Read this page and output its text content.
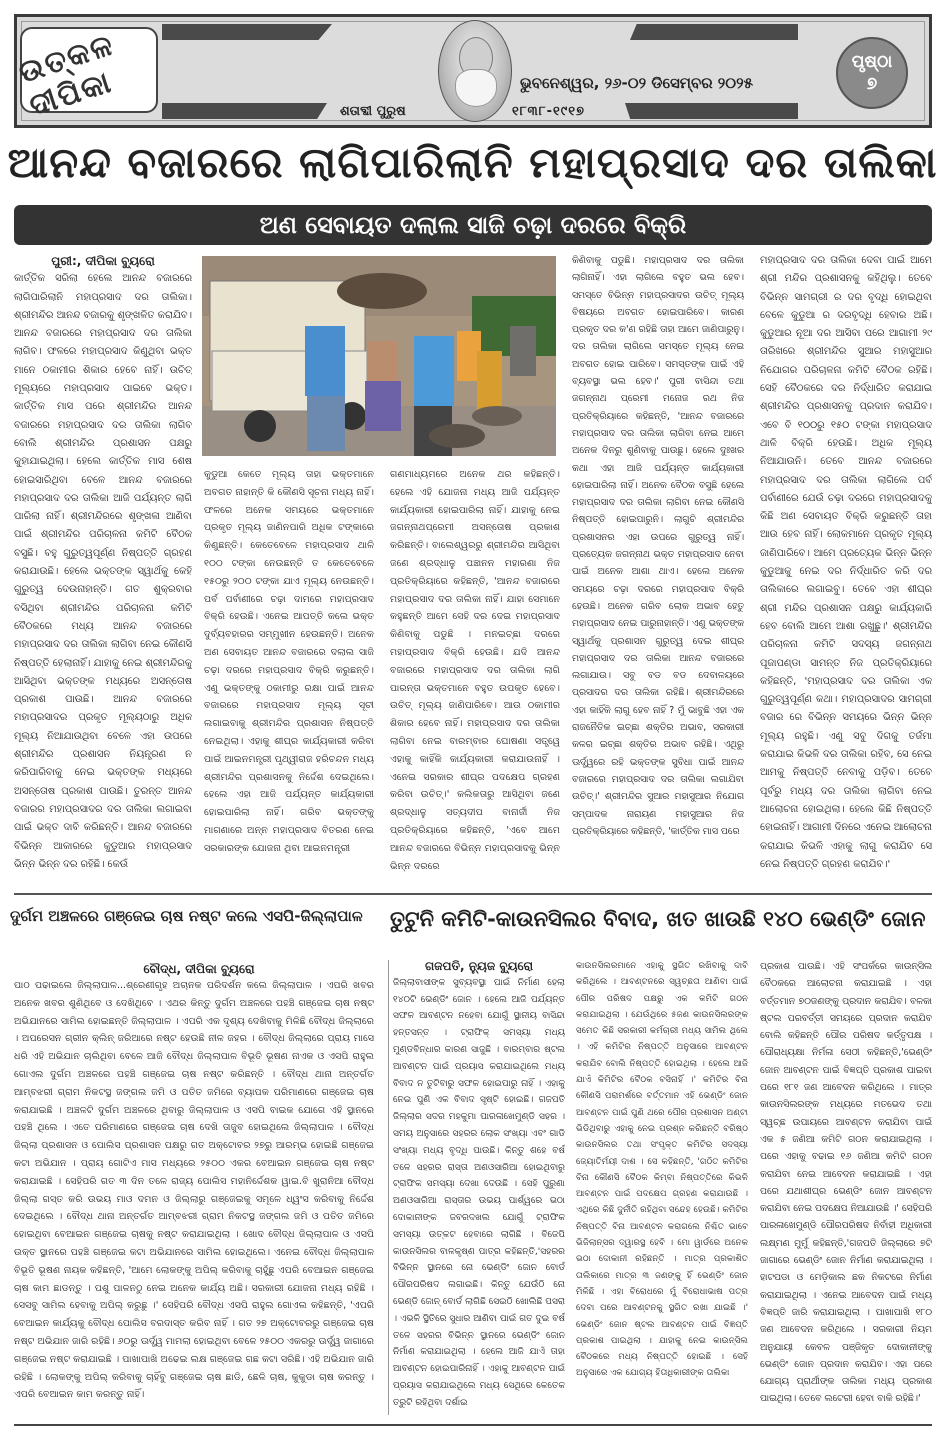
ଉତ୍କଳ ଦୀପିକା	ଶତାବ୍ଦୀ ପୁରୁଷ	୧୮୩୮-୧୯୧୭
ଭୁବନେଶ୍ୱର, ୨୬-୦୨ ଡିସେମ୍ବର ୨୦୨୫
ପୃଷ୍ଠା
୭
ଆନନ୍ଦ ବଜାରରେ ଲାଗିପାରିଲାନି ମହାପ୍ରସାଦ ଦର ତାଲିକା
ଅଣ ସେବାୟତ ଦଲାଲ ସାଜି ଚଢ଼ା ଦରରେ ବିକ୍ରି
ପୁରୀ:, ଦୀପିକା ବ୍ୟୁରୋ

କାର୍ତ୍ତିକ ସରିଲା ହେଲେ ଆନନ୍ଦ ବଜାରରେ ଲାଗିପାରିଲାନି ମହାପ୍ରସାଦ ଦର ତାଲିକା। ଶ୍ରୀମନ୍ଦିର ଆନନ୍ଦ ବଜାରକୁ ଶୃଙ୍ଖଳିତ କରାଯିବ। ଆନନ୍ଦ ବଜାରରେ ମହାପ୍ରସାଦ ଦର ତାଲିକା ଲାଗିବ। ଫଳରେ ମହାପ୍ରସାଦ କିଣୁଥିବା ଭକ୍ତ ମାନେ ଠକାମୀର ଶିକାର ହେବେ ନାହିଁ। ଉଚିତ୍ ମୂଲ୍ୟରେ ମହାପ୍ରସାଦ ପାଇବେ ଭକ୍ତ। କାର୍ତ୍ତିକ ମାସ ପରେ ଶ୍ରୀମନ୍ଦିର ଆନନ୍ଦ ବଜାରରେ ମହାପ୍ରସାଦ ଦର ତାଲିକା ଲାଗିବ ବୋଲି ଶ୍ରୀମନ୍ଦିର ପ୍ରଶାସନ ପକ୍ଷରୁ କୁହାଯାଇଥିଲା। ହେଲେ କାର୍ତ୍ତିକ ମାସ ଶେଷ ହୋଇସାରିଥିବା ବେଳେ ଆନନ୍ଦ ବଜାରରେ ମହାପ୍ରସାଦ ଦର ତାଲିକା ଆଜି ପର୍ଯ୍ୟନ୍ତ ଲାଗି ପାରିଲା ନାହିଁ। ଶ୍ରୀମନ୍ଦିରରେ ଶୃଙ୍ଖଳା ଆଣିବା ପାଇଁ ଶ୍ରୀମନ୍ଦିର ପରିଚାଳନା କମିଟି ବୈଠକ ବସୁଛି। ବହୁ ଗୁରୁତ୍ୱପୂର୍ଣ୍ଣ ନିଷ୍ପତ୍ତି ଗ୍ରହଣ କରାଯାଉଛି। ହେଲେ ଭକ୍ତଙ୍କ ସ୍ୱାର୍ଥକୁ କେହି ଗୁରୁତ୍ୱ ଦେଉନାହାନ୍ତି। ଗତ ଶୁକ୍ରବାର ବସିଥିବା ଶ୍ରୀମନ୍ଦିର ପରିଚାଳନା କମିଟି ବୈଠକରେ ମଧ୍ୟ ଆନନ୍ଦ ବଜାରରେ ମହାପ୍ରସାଦ ଦର ତାଲିକା ଲାଗିବା ନେଇ କୌଣସି ନିଷ୍ପତ୍ତି ହେଲାନାହିଁ। ଯାହାକୁ ନେଇ ଶ୍ରୀମନ୍ଦିରକୁ ଆସିଥିବା ଭକ୍ତଙ୍କ ମଧ୍ୟରେ ଅସନ୍ତୋଷ ପ୍ରକାଶ ପାଉଛି। ଆନନ୍ଦ ବଜାରରେ ମହାପ୍ରସାଦର ପ୍ରକୃତ ମୂଲ୍ୟଠାରୁ ଅଧିକ ମୂଲ୍ୟ ନିଆଯାଉଥିବା ବେଳେ ଏହା ଉପରେ ଶ୍ରୀମନ୍ଦିର ପ୍ରଶାସନ ନିୟନ୍ତ୍ରଣ ନ କରିପାରିବାକୁ ନେଇ ଭକ୍ତଙ୍କ ମଧ୍ୟରେ ଅସନ୍ତୋଷ ପ୍ରକାଶ ପାଉଛି। ତୁରନ୍ତ ଆନନ୍ଦ ବଜାରର ମହାପ୍ରସାଦର ଦର ତାଲିକା ଲଗାଇବା ପାଇଁ ଭକ୍ତ ଦାବି କରିଛନ୍ତି। ଆନନ୍ଦ ବଜାରରେ ବିଭିନ୍ନ ଆକାରରେ କୁଡୁଆର ମହାପ୍ରସାଦ ଭିନ୍ନ ଭିନ୍ନ ଦର ରହିଛି। କେଉଁ

କୁଡୁଆ କେତେ ମୂଲ୍ୟ ତାହା ଭକ୍ତମାନେ ଅବଗତ ନାହାନ୍ତି କି କୌଣସି ସୂଚନା ମଧ୍ୟ ନାହିଁ। ଫଳରେ ଅନେକ ସମୟରେ ଭକ୍ତମାନେ ପ୍ରକୃତ ମୂଲ୍ୟ ଜାଣିନପାରି ଅଧିକ ଟଙ୍କାରେ କିଣୁଛନ୍ତି। କେତେବେଳେ ମହାପ୍ରସାଦ ଥାଳି ୧୦୦ ଟଙ୍କା ନେଉଛନ୍ତି ତ କେତେବେଳେ ୧୫୦ରୁ ୨୦୦ ଟଙ୍କା ଯାଏ ମୂଲ୍ୟ ନେଉଛନ୍ତି। ପର୍ବ ପର୍ବାଣୀରେ ଚଢ଼ା ଦାମରେ ମହାପ୍ରସାଦ ବିକ୍ରି ହେଉଛି। ଏନେଇ ଆପତ୍ତି କଲେ ଭକ୍ତ ଦୁର୍ବ୍ୟବହାରର ସମ୍ମୁଖୀନ ହେଉଛନ୍ତି। ଅନେକ ଅଣ ସେବାୟତ ଆନନ୍ଦ ବଜାରରେ ଦଲାଲ ସାଜି ଚଢ଼ା ଦରରେ ମହାପ୍ରସାଦ ବିକ୍ରି କରୁଛନ୍ତି। ଏଣୁ ଭକ୍ତଙ୍କୁ ଠକାମୀରୁ ରକ୍ଷା ପାଇଁ ଆନନ୍ଦ ବଜାରରେ ମହାପ୍ରସାଦ ମୂଲ୍ୟ ସୂଚୀ ଲଗାଇବାକୁ ଶ୍ରୀମନ୍ଦିର ପ୍ରଶାସନ ନିଷ୍ପତ୍ତି ନେଇଥିଲା। ଏହାକୁ ଶୀଘ୍ର କାର୍ଯ୍ୟକାରୀ କରିବା ପାଇଁ ଆଇନମନ୍ତ୍ରୀ ପୃଥ୍ୱୀରାଜ ହରିଚନ୍ଦନ ମଧ୍ୟ ଶ୍ରୀମନ୍ଦିର ପ୍ରଶାସନକୁ ନିର୍ଦ୍ଦେଶ ଦେଇଥିଲେ। ହେଲେ ଏହା ଆଜି ପର୍ଯ୍ୟନ୍ତ କାର୍ଯ୍ୟକାରୀ ହୋଇପାରିଲା ନାହିଁ। ଗରିବ ଭକ୍ତଙ୍କୁ ମାଗଣାରେ ଅନ୍ନ ମହାପ୍ରସାଦ ବିତରଣ ନେଇ ସରକାରଙ୍କ ଯୋଜନା ଥିବା ଆଇନମନ୍ତ୍ରୀ

ଗଣମାଧ୍ୟମରେ ଅନେକ ଥର କହିଛନ୍ତି। ହେଲେ ଏହି ଯୋଜନା ମଧ୍ୟ ଆଜି ପର୍ଯ୍ୟନ୍ତ କାର୍ଯ୍ୟକାରୀ ହୋଇପାରିଲା ନାହିଁ। ଯାହାକୁ ନେଇ ଜଗନ୍ନାଥପ୍ରେମୀ ଅସନ୍ତୋଷ ପ୍ରକାଶ କରିଛନ୍ତି। ବାଲେଶ୍ୱରରୁ ଶ୍ରୀମନ୍ଦିର ଆସିଥିବା ଜଣେ ଶ୍ରଦ୍ଧାଳୁ ପଞ୍ଚାନନ ମହାରଣା ନିଜ ପ୍ରତିକ୍ରିୟାରେ କହିଛନ୍ତି, 'ଆନନ୍ଦ ବଜାରରେ ମହାପ୍ରସାଦ ଦର ତାଲିକା ନାହିଁ। ଯାହା ସେମାନେ କହୁଛନ୍ତି ଆମେ ସେହି ଦର ଦେଇ ମହାପ୍ରସାଦ କିଣିବାକୁ ପଡୁଛି । ମନଇଚ୍ଛା ଦରରେ ମହାପ୍ରସାଦ ବିକ୍ରି ହେଉଛି। ଯଦି ଆନନ୍ଦ ବଜାରରେ ମହାପ୍ରସାଦ ଦର ତାଲିକା ଲାଗି ପାରନ୍ତା ଭକ୍ତମାନେ ବହୁତ ଉପକୃତ ହେବେ। ଉଚିତ୍ ମୂଲ୍ୟ ଜାଣିପାରିବେ। ଆଉ ଠକାମୀର ଶିକାର ହେବେ ନାହିଁ। ମହାପ୍ରସାଦ ଦର ତାଲିକା ଲାଗିବା ନେଇ ବାରମ୍ବାର ଘୋଷଣା ସତ୍ତ୍ୱେ ଏହାକୁ କାହିଁକି କାର୍ଯ୍ୟକାରୀ କରାଯାଉନାହିଁ । ଏନେଇ ସରକାର ଶୀଘ୍ର ପଦକ୍ଷେପ ଗ୍ରହଣ କରିବା ଉଚିତ୍।' କଲିକତାରୁ ଆସିଥିବା ଜଣେ ଶ୍ରଦ୍ଧାଳୁ ସତ୍ୟଦୀପ ବାନାର୍ଜୀ ନିଜ ପ୍ରତିକ୍ରିୟାରେ କହିଛନ୍ତି, 'ଏବେ ଆମେ ଆନନ୍ଦ ବଜାରରେ ବିଭିନ୍ନ ମହାପ୍ରସାଦକୁ ଭିନ୍ନ ଭିନ୍ନ ଦରରେ

କିଣିବାକୁ ପଡୁଛି। ମହାପ୍ରସାଦ ଦର ତାଲିକା ଲାଗିନାହିଁ। ଏହା ଲାଗିଲେ ବହୁତ ଭଲ ହେବ। ସମସ୍ତେ ବିଭିନ୍ନ ମହାପ୍ରସାଦର ଉଚିତ୍ ମୂଲ୍ୟ ବିଷୟରେ ଅବଗତ ହୋଇପାରିବେ। କାରଣ ପ୍ରକୃତ ଦର କ'ଣ ରହିଛି ତାହା ଆମେ ଜାଣିପାରୁନୁ। ଦର ତାଲିକା ଲାଗିଲେ ସମସ୍ତେ ମୂଲ୍ୟ ନେଇ ଅବଗତ ହୋଇ ପାରିବେ। ସମସ୍ତଙ୍କ ପାଇଁ ଏହି ବ୍ୟବସ୍ଥା ଭଲ ହେବ।' ପୁରୀ ବାସିନ୍ଦା ତଥା ଜଗନ୍ନାଥ ପ୍ରେମୀ ମନୋଜ ରଥ ନିଜ ପ୍ରତିକ୍ରିୟାରେ କହିଛନ୍ତି, 'ଆନନ୍ଦ ବଜାରରେ ମହାପ୍ରସାଦ ଦର ତାଲିକା ଲାଗିବା ନେଇ ଆମେ ଅନେକ ଦିନରୁ ଶୁଣିବାକୁ ପାଉଛୁ। ହେଲେ ଦୁଃଖର କଥା ଏହା ଆଜି ପର୍ଯ୍ୟନ୍ତ କାର୍ଯ୍ୟକାରୀ ହୋଇପାରିଲା ନାହିଁ। ଅନେକ ବୈଠକ ବସୁଛି ହେଲେ ମହାପ୍ରସାଦ ଦର ତାଲିକା ଲାଗିବା ନେଇ କୌଣସି ନିଷ୍ପତ୍ତି ହୋଇପାରୁନି। ଲାଗୁଚି ଶ୍ରୀମନ୍ଦିର ପ୍ରଶାସନର ଏହା ଉପରେ ଗୁରୁତ୍ୱ ନାହିଁ। ପ୍ରତ୍ୟେକ ଜଗନ୍ନାଥ ଭକ୍ତ ମହାପ୍ରସାଦ ନେବା ପାଇଁ ଅନେକ ଆଶା ଥାଏ। ହେଲେ ଅନେକ ସମୟରେ ଚଢ଼ା ଦରରେ ମହାପ୍ରସାଦ ବିକ୍ରି ହେଉଛି। ଅନେକ ଗରିବ ଲୋକ ଅଭାବ ହେତୁ ମହାପ୍ରସାଦ ନେଇ ପାରୁନାହାନ୍ତି। ଏଣୁ ଭକ୍ତଙ୍କ ସ୍ୱାର୍ଥକୁ ପ୍ରଶାସନ ଗୁରୁତ୍ୱ ଦେଇ ଶୀଘ୍ର ମହାପ୍ରସାଦ ଦର ତାଲିକା ଆନନ୍ଦ ବଜାରରେ ଲଗାଯାଉ। ସବୁ ବଡ ବଡ ଦେବାଳୟରେ ପ୍ରସାଦର ଦର ତାଲିକା ରହିଛି। ଶ୍ରୀମନ୍ଦିରରେ ଏହା କାହିଁକି ଲାଗୁ ହେବ ନାହିଁ ? ମୁଁ ଭାବୁଛି ଏହା ଏକ ରାଜନୈତିକ ଇଚ୍ଛା ଶକ୍ତିର ଅଭାବ, ସରକାରୀ କଳର ଇଚ୍ଛା ଶକ୍ତିର ଅଭାବ ରହିଛି। ଏଥିରୁ ଊର୍ଦ୍ଧ୍ୱରେ ରହି ଭକ୍ତଙ୍କ ସୁବିଧା ପାଇଁ ଆନନ୍ଦ ବଜାରରେ ମହାପ୍ରସାଦ ଦର ତାଲିକା ଲଗାଯିବା ଉଚିତ୍।' ଶ୍ରୀମନ୍ଦିର ସୁଆର ମହାସୁଆର ନିଯୋଗ ସମ୍ପାଦକ ନାରାୟଣ ମହାସୁଆର ନିଜ ପ୍ରତିକ୍ରିୟାରେ କହିଛନ୍ତି, 'କାର୍ତ୍ତିକ ମାସ ପରେ

ମହାପ୍ରସାଦ ଦର ତାଲିକା ଦେବା ପାଇଁ ଆମେ ଶ୍ରୀ ମନ୍ଦିର ପ୍ରଶାସନକୁ କହିଥିଲୁ। ତେବେ ବିଭିନ୍ନ ସାମଗ୍ରୀ ର ଦର ବୃଦ୍ଧି ହୋଇଥିବା ବେଳେ କୁଡୁଆ ର ଦରବୃଦ୍ଧି ହେବାର ଅଛି। କୁଡୁଆର ନୂଆ ଦର ଆସିବା ପରେ ଆଗାମୀ ୨୯ ତାରିଖରେ ଶ୍ରୀମନ୍ଦିର ସୁଆର ମହାସୁଆର ନିଯୋଗର ପରିଚାଳନା କମିଟି ବୈଠକ ରହିଛି। ସେହି ବୈଠକରେ ଦର ନିର୍ଦ୍ଧାରିତ କରାଯାଇ ଶ୍ରୀମନ୍ଦିର ପ୍ରଶାସନକୁ ପ୍ରଦାନ କରାଯିବ। ଏବେ ବି ୧୦୦ରୁ ୧୫୦ ଟଙ୍କା ମହାପ୍ରସାଦ ଥାଳି ବିକ୍ରି ହେଉଛି। ଅଧିକ ମୂଲ୍ୟ ନିଆଯାଉନି। ତେବେ ଆନନ୍ଦ ବଜାରରେ ମହାପ୍ରସାଦ ଦର ତାଲିକା ଲାଗିଲେ ପର୍ବ ପର୍ବାଣୀରେ ଯେଉଁ ଚଢ଼ା ଦରରେ ମହାପ୍ରସାଦକୁ କିଛି ଅଣ ସେବାୟତ ବିକ୍ରି କରୁଛନ୍ତି ତାହା ଆଉ ହେବ ନାହିଁ। ଲୋକମାନେ ପ୍ରକୃତ ମୂଲ୍ୟ ଜାଣିପାରିବେ। ଆମେ ପ୍ରତ୍ୟେକ ଭିନ୍ନ ଭିନ୍ନ କୁଡୁଆକୁ ନେଇ ଦର ନିର୍ଦ୍ଧାରିତ କରି ଦର ତାଲିକାରେ ଲଗାଇବୁ। ତେବେ ଏହା ଶୀଘ୍ର ଶ୍ରୀ ମନ୍ଦିର ପ୍ରଶାସନ ପକ୍ଷରୁ କାର୍ଯ୍ୟକାରି ହେବ ବୋଲି ଆମେ ଆଶା ରଖୁଛୁ।' ଶ୍ରୀମନ୍ଦିର ପରିଚାଳନା କମିଟି ସଦସ୍ୟ ଜଗନ୍ନାଥ ପୂଜାପଣ୍ଡା ସାମନ୍ତ ନିଜ ପ୍ରତିକ୍ରିୟାରେ କହିଛନ୍ତି, 'ମହାପ୍ରସାଦ ଦର ତାଲିକା ଏକ ଗୁରୁତ୍ୱପୂର୍ଣ୍ଣ କଥା। ମହାପ୍ରସାଦର ସାମଗ୍ରୀ ବଜାର ରେ ବିଭିନ୍ନ ସମୟରେ ଭିନ୍ନ ଭିନ୍ନ ମୂଲ୍ୟ ରହୁଛି। ଏଣୁ ସବୁ ଦିଗକୁ ତର୍ଜମା କରାଯାଇ କିଭଳି ଦର ତାଲିକା ରହିବ, ସେ ନେଇ ଆମକୁ ନିଷ୍ପତ୍ତି ନେବାକୁ ପଡ଼ିବ। ତେବେ ପୂର୍ବରୁ ମଧ୍ୟ ଦର ତାଲିକା ଲାଗିବା ନେଇ ଆଲୋଚନା ହୋଇଥିଲା। ହେଲେ କିଛି ନିଷ୍ପତ୍ତି ହୋଇନାହିଁ। ଆଗାମୀ ଦିନରେ ଏନେଇ ଆଲୋଚନା କରାଯାଇ କିଭଳି ଏହାକୁ ଲାଗୁ କରାଯିବ ସେ ନେଇ ନିଷ୍ପତ୍ତି ଗ୍ରହଣ କରାଯିବ।'

ଦୁର୍ଗମ ଅଞ୍ଚଳରେ ଗଞ୍ଜେଇ ଚାଷ ନଷ୍ଟ କଲେ ଏସପି-ଜିଲ୍ଲାପାଳ
ବୌଦ୍ଧ, ଦୀପିକା ବ୍ୟୁରୋ

ପାଠ ପଢାଇଲେ ଜିଲ୍ଲାପାଳ...ଶ୍ରେଣୀଗୃହ ଅଚାନକ ପରିଦର୍ଶନ କଲେ ଜିଲ୍ଲାପାଳ । ଏପରି ଖବର ଅନେକ ଖବର ଶୁଣିଥିବେ ଓ ଦେଖିଥିବେ । ଏଥର କିନ୍ତୁ ଦୁର୍ଗମ ଅଞ୍ଚଳରେ ପହଞ୍ଚି ଗଞ୍ଜେଇ ଚାଷ ନଷ୍ଟ ଅଭିଯାନରେ ସାମିଲ ହୋଇଛନ୍ତି ଜିଲ୍ଲାପାଳ । ଏପରି ଏକ ଦୃଶ୍ୟ ଦେଖିବାକୁ ମିଳିଛି ବୌଦ୍ଧ ଜିଲ୍ଲାରେ । ଅପରେସନ ଗ୍ରୀନ କ୍ଲିନ୍ ଜରିଆରେ ନଷ୍ଟ ହେଉଛି ନୀଳ ଜହର । ବୌଦ୍ଧ ଜିଲ୍ଲାରେ ପ୍ରାୟ ମାସେ ଧରି ଏହି ଅଭିଯାନ ଚାଲିଥିବା ବେଳେ ଆଜି ବୌଦ୍ଧ ଜିଲ୍ଲାପାଳ ବିଭୂତି ଭୂଷଣ ନାଏକ ଓ ଏସପି ରାହୁଲ ଗୋଏଲ ଦୁର୍ଗମ ଅଞ୍ଚଳରେ ପହଞ୍ଚି ଗଞ୍ଜେଇ ଚାଷ ନଷ୍ଟ କରିଛନ୍ତି । ବୌଦ୍ଧ ଥାନା ଅନ୍ତର୍ଗତ ଆମ୍ବଝରୀ ଗ୍ରାମ ନିକଟସ୍ଥ ଜଙ୍ଗଲ ଜମି ଓ ପତିତ ଜମିରେ ବ୍ୟାପକ ପରିମାଣରେ ଗଞ୍ଜେଇ ଚାଷ କରାଯାଇଛି । ଅଞ୍ଚଳଟି ଦୁର୍ଗମ ଅଞ୍ଚଳରେ ଥିବାରୁ ଜିଲ୍ଲାପାଳ ଓ ଏସପି ବାଇକ ଯୋଗେ ଏହି ସ୍ଥାନରେ ପହଞ୍ଚି ଥିଲେ । ଏତେ ପରିମାଣରେ ଗଞ୍ଜେଇ ଚାଷ ଦେଖି ତାଜୁବ ହୋଇଥିଲେ ଜିଲ୍ଲାପାଳ । ବୌଦ୍ଧ ଜିଲ୍ଲା ପ୍ରଶାସନ ଓ ପୋଲିସ ପ୍ରଶାସନ ପକ୍ଷରୁ ଗତ ଅକ୍ଟୋବର ୨୭ରୁ ଆରମ୍ଭ ହୋଇଛି ଗଞ୍ଜେଇ କଟା ଅଭିଯାନ । ପ୍ରାୟ ଗୋଟିଏ ମାସ ମଧ୍ୟରେ ୨୫୦୦ ଏକର ବେଆଇନ ଗଞ୍ଜେଇ ଚାଷ ନଷ୍ଟ କରାଯାଇଛି । ସେହିପରି ଗତ ୩ ଦିନ ତଳେ ରାଜ୍ୟ ପୋଲିସ ମହାନିର୍ଦ୍ଦେଶକ ୱାଇ.ବି ଖୁରାନିଆ ବୌଦ୍ଧ ଜିଲ୍ଲା ଗସ୍ତ କରି ଉଭୟ ମାଓ ଦମନ ଓ ଜିଲ୍ଲାରୁ ଗଞ୍ଜେଇକୁ ସମୂଳେ ଧ୍ୱଂସ କରିବାକୁ ନିର୍ଦ୍ଦେଶ ଦେଇଥିଲେ । ବୌଦ୍ଧ ଥାନା ଅନ୍ତର୍ଗତ ଆମ୍ବଝରୀ ଗ୍ରାମ ନିକଟସ୍ଥ ଜଙ୍ଗଲ ଜମି ଓ ପତିତ ଜମିରେ ହୋଇଥିବା ବେଆଇନ ଗଞ୍ଜେଇ ଚାଷକୁ ନଷ୍ଟ କରାଯାଇଥିଲା । ଖୋଦ ବୌଦ୍ଧ ଜିଲ୍ଲାପାଳ ଓ ଏସପି ଉକ୍ତ ସ୍ଥାନରେ ପହଞ୍ଚି ଗଞ୍ଜେଇ କଟା ଅଭିଯାନରେ ସାମିଲ ହୋଇଥିଲେ। ଏନେଇ ବୌଦ୍ଧ ଜିଲ୍ଲାପାଳ ବିଭୂତି ଭୂଷଣ ନାୟକ କହିଛନ୍ତି, 'ଆମେ ଲୋକଙ୍କୁ ଅପିଲ୍ କରିବାକୁ ଚାହୁଁଛୁ ଏପରି ବେଆଇନ ଗଞ୍ଜେଇ ଚାଷ କାମ ଛାଡନ୍ତୁ । ପଶୁ ପାଳନଠୁ ନେଇ ଅନେକ କାର୍ଯ୍ୟ ଅଛି। ସରକାରୀ ଯୋଜନା ମଧ୍ୟ ରହିଛି । ସେସବୁ ସାମିଲ ହେବାକୁ ଅପିଲ୍ କରୁଛୁ ।' ସେହିପରି ବୌଦ୍ଧ ଏସପି ରାହୁଲ ଗୋଏଲ କହିଛନ୍ତି, 'ଏପରି ବେଆଇନ କାର୍ଯ୍ୟକୁ ବୌଦ୍ଧ ପୋଲିସ ବରଦାସ୍ତ କରିବ ନାହିଁ । ଗତ ୨୭ ଅକ୍ଟୋବରରୁ ଗଞ୍ଜେଇ ଚାଷ ନଷ୍ଟ ଅଭିଯାନ ଜାରି ରହିଛି। ୬୦ରୁ ଊର୍ଦ୍ଧ୍ୱ ମାମଲା ହୋଇଥିବା ବେଳେ ୨୫୦୦ ଏକରରୁ ଊର୍ଦ୍ଧ୍ୱ ଜାଗାରେ ଗଞ୍ଜେଇ ନଷ୍ଟ କରାଯାଇଛି । ପାଖାପାଖି ଅଢେଇ ଲକ୍ଷ ଗଞ୍ଜେଇ ଗଛ କଟା ସରିଛି। ଏହି ଅଭିଯାନ ଜାରି ରହିଛି । ଲୋକଙ୍କୁ ଅପିଲ୍ କରିବାକୁ ଚାହିଁବୁ ଗଞ୍ଜେଇ ଚାଷ ଛାଡି, ଛେଳି ଚାଷ, କୁକୁଡା ଚାଷ କରନ୍ତୁ । ଏପରି ବେଆଇନ କାମ କରନ୍ତୁ ନାହିଁ।

ତୁଟୁନି କମିଟି-କାଉନସିଲର ବିବାଦ, ଖତ ଖାଉଛି ୧୪୦ ଭେଣ୍ଡିଂ ଜୋନ
ଗଜପତି, ନ୍ୟୁଜ ବ୍ୟୁରୋ

ଜିଲ୍ଲାବାସୀଙ୍କ ସୁବ୍ୟବସ୍ଥା ପାଇଁ ନିର୍ମାଣ ହେଲା ୧୪୦ଟି ଭେଣ୍ଡିଂ ଜୋନ । ହେଲେ ଆଜି ପର୍ଯ୍ୟନ୍ତ ସଫଳ ଆବଣ୍ଟନ ନହେବା ଯୋଗୁଁ ସ୍ଥାନୀୟ ବାସିନ୍ଦା ହନ୍ତସନ୍ତ । ଟ୍ରାଫିକ୍ ସମସ୍ୟା ମଧ୍ୟ ମୁଣ୍ଡବିନ୍ଧାର କାରଣ ସାଜୁଛି । ବାରମ୍ବାର ଷ୍ଟଲ ଆବଣ୍ଟନ ପାଇଁ ପ୍ରୟାସ କରାଯାଇଥିଲେ ମଧ୍ୟ ବିବାଦ ନ ତୁଟିବାରୁ ସଫଳ ହୋଇପାରୁ ନାହିଁ । ଏହାକୁ ନେଇ ପୁଣି ଏକ ବିବାଦ ସୃଷ୍ଟି ହୋଇଛି। ଗଜପତି ଜିଲ୍ଲାର ସଦର ମହକୁମା ପାରଳାଖେମୁଣ୍ଡି ସହର । ସମୟ ଅନୁସାରେ ସହରର ଲୋକ ସଂଖ୍ୟା ଏବଂ ଗାଡି ସଂଖ୍ୟା ମଧ୍ୟ ବୃଦ୍ଧି ପାଉଛି। କିନ୍ତୁ ଶହେ ବର୍ଷ ତଳେ ସହରର ରାସ୍ତା ଅଣଓସାରିଆ ହୋଇଥିବାରୁ ଟ୍ରାଫିକ ସମସ୍ୟା ଦେଖା ଦେଉଛି । ସେହି ପୁରୁଣା ଅଣଓସାରିଆ ରାସ୍ତାର ଉଭୟ ପାର୍ଶ୍ୱରେ ଭଠା ଦୋକାନୀଙ୍କ ଜବରଦଖଲ ଯୋଗୁଁ ଟ୍ରାଫିକ ସମସ୍ୟା ଉତ୍କଟ ହେବାରେ ଲାଗିଛି । ବିଜେପି କାଉନସିଲର ବାଳକୃଷ୍ଣ ପାତ୍ର କହିଛନ୍ତି,'ସହରର ବିଭିନ୍ନ ସ୍ଥାନରେ ନୋ ଭେଣ୍ଡିଂ ଜୋନ ବୋର୍ଡ ପୌରପରିଷଦ ଲଗାଇଛି। କିନ୍ତୁ ଯେଉଁଠି ନୋ ଭେଣ୍ଡି ଜୋନ୍ ବୋର୍ଡ ଲାଗିଛି ସେଇଠି ଖୋଲିଛି ପସରା । ଏଭଳି ସ୍ଥିତିରେ ସୁଧାର ଆଣିବା ପାଇଁ ଗତ ଦୁଇ ବର୍ଷ ତଳେ ସହରର ବିଭିନ୍ନ ସ୍ଥାନରେ ଭେଣ୍ଡିଂ ଜୋନ ନିର୍ମାଣ କରାଯାଇଥିଲା । ହେଲେ ଆଜି ଯାଏଁ ତାହା ଆବଣ୍ଟନ ହୋଇପାରିନାହିଁ । ଏହାକୁ ଆବଣ୍ଟନ ପାଇଁ ପ୍ରୟାସ କରାଯାଇଥିଲେ ମଧ୍ୟ ସେଥିରେ କେତେକ ତ୍ରୁଟି ରହିଥିବା ଦର୍ଶାଇ

କାଉନସିଲରମାନେ ଏହାକୁ ସ୍ଥଗିତ ରଖିବାକୁ ଦାବି କରିଥିଲେ । ଆବଣ୍ଟନରେ ସ୍ୱଚ୍ଛତା ଆଣିବା ପାଇଁ ପୌର ପରିଷଦ ପକ୍ଷରୁ ଏକ କମିଟି ଗଠନ କରାଯାଇଥିଲା । ଯେଉଁଥିରେ ୫ଜଣ କାଉନସିଲରଙ୍କ ସମେତ କିଛି ସରକାରୀ କର୍ମଚାରୀ ମଧ୍ୟ ସାମିଲ ଥିଲେ । ଏହି କମିଟିର ନିଷ୍ପତ୍ତି ଅନୁସାରେ ଆବଣ୍ଟନ କରାଯିବ ବୋଲି ନିଷ୍ପତ୍ତି ହୋଇଥିଲା । ହେଲେ ଆଜି ଯାଏଁ କିମିଟିର ବୈଠକ ବସିନାହିଁ ।' କମିଟିର ବିନା କୌଣସି ପରାମର୍ଶରେ ବର୍ତ୍ତମାନ ଏହି ଭେଣ୍ଡିଂ ଜୋନ ଆବଣ୍ଟନ ପାଇଁ ପୁଣି ଥରେ ପୌର ପ୍ରଶାସନ ଅଣ୍ଟା ଭିଡିଥିବାରୁ ଏହାକୁ ନେଇ ପ୍ରଶ୍ନ କରିଛନ୍ତି ବରିଷ୍ଠ କାଉନସିଲର ତଥା ସଂପୃକ୍ତ କମିଟିର ସଦସ୍ୟା ଜ୍ୟୋତିର୍ମୟୀ ଦାଶ । ସେ କହିଛନ୍ତି, 'ଗଠିତ କମିଟିର ବିନା କୌଣସି ବୈଠକ କିମ୍ବା ନିଷ୍ପତ୍ତିରେ କିଭଳି ଆବଣ୍ଟନ ପାଇଁ ପଦକ୍ଷେପ ଗ୍ରହଣ କରାଯାଉଛି । ଏଥିରେ କିଛି ଦୁର୍ନୀତି ରହିଥିବା ସନ୍ଦେହ ହେଉଛି। କମିଟିର ନିଷ୍ପତ୍ତି ବିନା ଆବଣ୍ଟନ କରାଗଲେ ନିଶ୍ଚିତ ଭାବେ ଭିଜିଲାନ୍ସର ଦ୍ୱାରସ୍ଥ ହେବି । ମୋ ୱାର୍ଡରେ ଅନେକ ଭଠା ଦୋକାନୀ ରହିଛନ୍ତି । ମାତ୍ର ପ୍ରକାଶିତ ତାଲିକାରେ ମାତ୍ର ୩ ଜଣଙ୍କୁ ହିଁ ଭେଣ୍ଡିଂ ଜୋନ ମିଳିଛି । ଏହା ବିରୋଧରେ ମୁଁ ବିରୋଧାଭାଷ ପତ୍ର ଦେବା ପରେ ଆବଣ୍ଟନକୁ ସ୍ଥଗିତ ରଖା ଯାଇଛି ।' ଭେଣ୍ଡିଂ ଜୋନ ଷ୍ଟଲ ଆବଣ୍ଟନ ପାଇଁ ବିଜ୍ଞପ୍ତି ପ୍ରକାଶ ପାଇଥିଲା । ଯାହାକୁ ନେଇ କାଉନ୍ସିଲ ବୈଠକରେ ମଧ୍ୟ ନିଷ୍ପତ୍ତି ହୋଇଛି । ସେହି ଅନୁସାରେ ଏକ ଯୋଗ୍ୟ ହିତାଧିକାରୀଙ୍କ ତାଲିକା

ପ୍ରକାଶ ପାଉଛି। ଏହି ସଂପର୍କରେ କାଉନ୍ସିଲ ବୈଠକରେ ଆଲୋଚନା କରାଯାଇଛି । ଏହା ବର୍ତ୍ତମାନ ୭୦ଜଣଙ୍କୁ ପ୍ରଦାନ କରାଯିବ। ବଳକା ଷ୍ଟଲ ପରବର୍ତ୍ତୀ ସମୟରେ ପ୍ରଦାନ କରାଯିବ ବୋଲି କହିଛନ୍ତି ପୌର ପରିଷଦ କର୍ତ୍ତୃପକ୍ଷ । ପୌରାଧ୍ୟକ୍ଷା ନିର୍ମଳା ସେଠୀ କହିଛନ୍ତି,'ଭେଣ୍ଡିଂ ଜୋନ ଆବଣ୍ଟନ ପାଇଁ ବିଜ୍ଞପ୍ତି ପ୍ରକାଶ ପାଇବା ପରେ ୧୮୧ ଜଣ ଆବେଦନ କରିଥିଲେ । ମାତ୍ର କାଉନସିଲରଙ୍କ ମଧ୍ୟରେ ମତଭେଦ ତଥା ସ୍ୱଚ୍ଛ ଉପାୟରେ ଆବଣ୍ଟନ କରାଯିବା ପାଇଁ ଏକ ୫ ଜଣିଆ କମିଟି ଗଠନ କରାଯାଇଥିଲା । ପରେ ଏହାକୁ ବଢାଇ ୧୬ ଜଣିଆ କମିଟି ଗଠନ କରାଯିବା ନେଇ ଆବେଦନ କରାଯାଇଛି । ଏହା ପରେ ଯଥାଶୀଘ୍ର ଭେଣ୍ଡିଂ ଜୋନ ଆବଣ୍ଟନ କରାଯିବା ନେଇ ପଦକ୍ଷେପ ନିଆଯାଉଛି ।' ସେହିପରି ପାରଳାଖେମୁଣ୍ଡି ପୌରପରିଷଦ ନିର୍ବାହୀ ଅଧିକାରୀ ଲକ୍ଷ୍ମଣ ମୁର୍ମୁ କହିଛନ୍ତି,'ଗଜପତି ଜିଲ୍ଲାରେ ୭ଟି ଜାଗାରେ ଭେଣ୍ଡିଂ ଜୋନ ନିର୍ମାଣ କରାଯାଇଥିଲା । ହାଟପଡା ଓ ମେଡ଼ିକାଲ ଛକ ନିକଟରେ ନିର୍ମାଣ କରାଯାଇଥିଲା । ଏନେଇ ଆବେଦନ ପାଇଁ ମଧ୍ୟ ବିଜ୍ଞପ୍ତି ଜାରି କରାଯାଇଥିଲା । ପାଖାପାଖି ୧୮୦ ଜଣ ଆବେଦନ କରିଥିଲେ । ସରକାରୀ ନିୟମ ଅନୁଯାୟୀ କେବଳ ପଞ୍ଜିକୃତ ଦୋକାନୀଙ୍କୁ ଭେଣ୍ଡିଂ ଜୋନ ପ୍ରଦାନ କରାଯିବ। ଏହା ପରେ ଯୋଗ୍ୟ ପ୍ରାର୍ଥୀଙ୍କ ତାଲିକା ମଧ୍ୟ ପ୍ରକାଶ ପାଇଥିଲା। ତେବେ ଲଟେରୀ ହେବା ବାକି ରହିଛି।'
